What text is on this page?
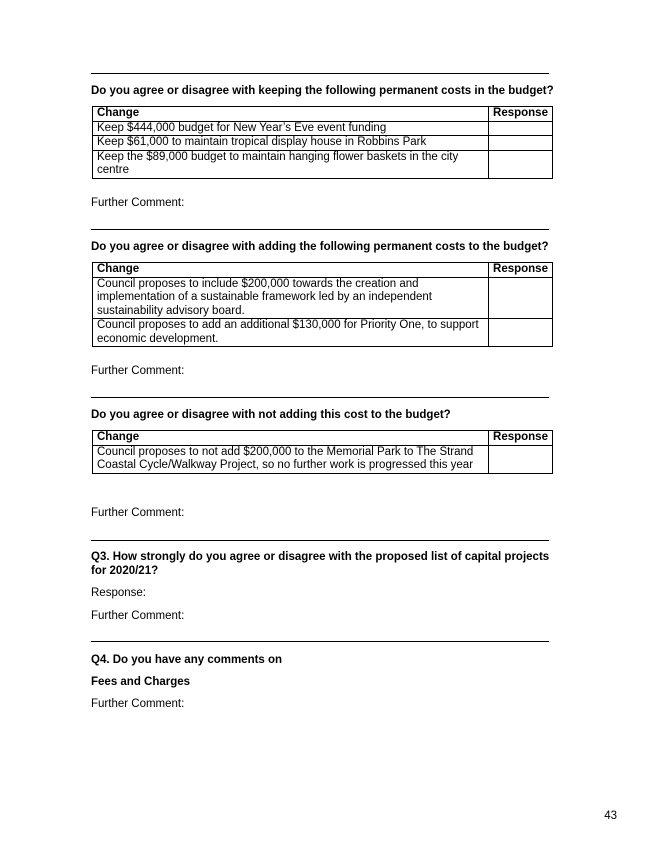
Do you agree or disagree with keeping the following permanent costs in the budget?
Change	Response
Keep $444,000 budget for New Year’s Eve event funding	
Keep $61,000 to maintain tropical display house in Robbins Park	
Keep the $89,000 budget to maintain hanging flower baskets in the city centre	
Further Comment:
Do you agree or disagree with adding the following permanent costs to the budget?
Change	Response
Council proposes to include $200,000 towards the creation and implementation of a sustainable framework led by an independent sustainability advisory board.	
Council proposes to add an additional $130,000 for Priority One, to support economic development.	
Further Comment:
Do you agree or disagree with not adding this cost to the budget?
Change	Response
Council proposes to not add $200,000 to the Memorial Park to The Strand Coastal Cycle/Walkway Project, so no further work is progressed this year	
Further Comment:
Q3. How strongly do you agree or disagree with the proposed list of capital projects for 2020/21?
Response:
Further Comment:
Q4. Do you have any comments on
Fees and Charges
Further Comment:
43
